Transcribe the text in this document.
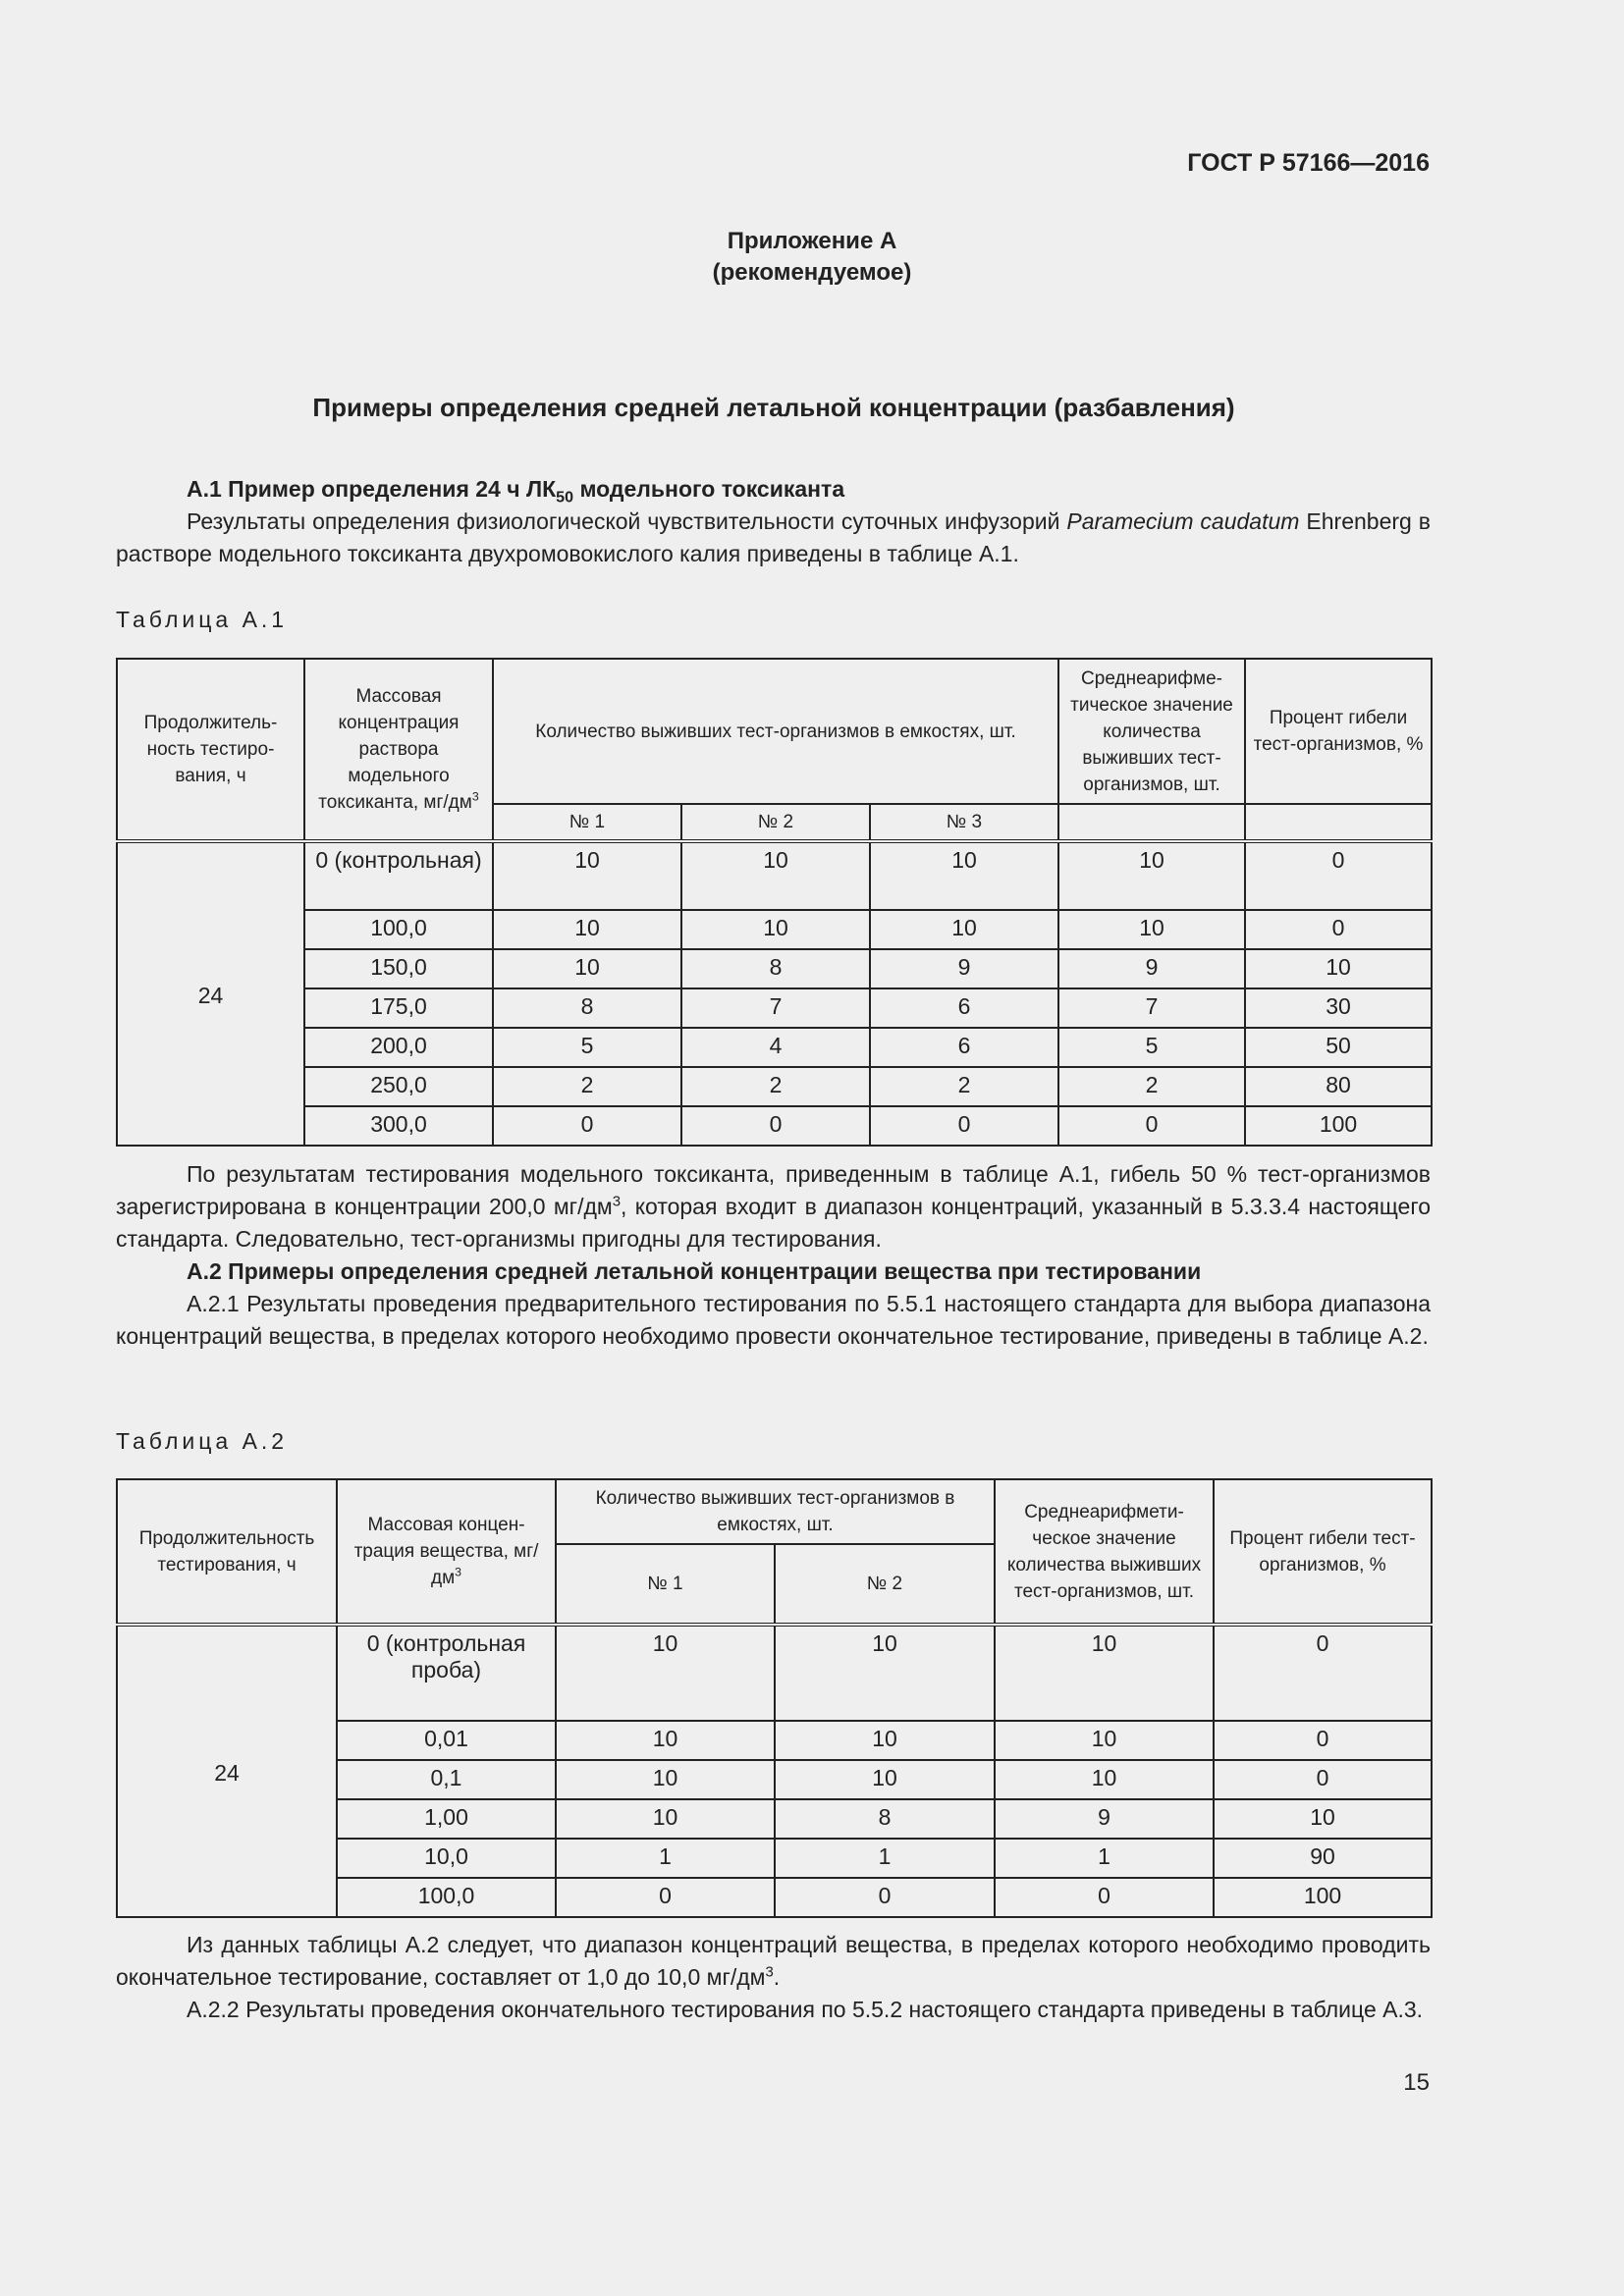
ГОСТ Р 57166—2016
Приложение А
(рекомендуемое)
Примеры определения средней летальной концентрации (разбавления)

А.1 Пример определения 24 ч $ЛК_{50}$ модельного токсиканта

Результаты определения физиологической чувствительности суточных инфузорий Paramecium caudatum Ehrenberg в растворе модельного токсиканта двухромовокислого калия приведены в таблице А.1.

Таблица А.1
Продолжительность тестирования, ч	Массовая концентрация раствора модельного токсиканта, $мг/дм^3$	Количество выживших тест-организмов в емкостях, шт.			Среднеарифметическое значение количества выживших тест-организмов, шт.	Процент гибели тест-организмов, %
		№ 1	№ 2	№ 3		
24	0 (контрольная)	10	10	10	10	0
	100,0	10	10	10	10	0
	150,0	10	8	9	9	10
	175,0	8	7	6	7	30
	200,0	5	4	6	5	50
	250,0	2	2	2	2	80
	300,0	0	0	0	0	100

По результатам тестирования модельного токсиканта, приведенным в таблице А.1, гибель 50 % тест-организмов зарегистрирована в концентрации 200,0 $мг/дм^3$, которая входит в диапазон концентраций, указанный в 5.3.3.4 настоящего стандарта. Следовательно, тест-организмы пригодны для тестирования.

А.2 Примеры определения средней летальной концентрации вещества при тестировании

А.2.1 Результаты проведения предварительного тестирования по 5.5.1 настоящего стандарта для выбора диапазона концентраций вещества, в пределах которого необходимо провести окончательное тестирование, приведены в таблице А.2.

Таблица А.2
Продолжительность тестирования, ч	Массовая концентрация вещества, $мг/дм^3$	Количество выживших тест-организмов в емкостях, шт.		Среднеарифметическое значение количества выживших тест-организмов, шт.	Процент гибели тест-организмов, %
		№ 1	№ 2		
24	0 (контрольная проба)	10	10	10	0
	0,01	10	10	10	0
	0,1	10	10	10	0
	1,00	10	8	9	10
	10,0	1	1	1	90
	100,0	0	0	0	100

Из данных таблицы А.2 следует, что диапазон концентраций вещества, в пределах которого необходимо проводить окончательное тестирование, составляет от 1,0 до 10,0 $мг/дм^3$.

А.2.2 Результаты проведения окончательного тестирования по 5.5.2 настоящего стандарта приведены в таблице А.3.

15
